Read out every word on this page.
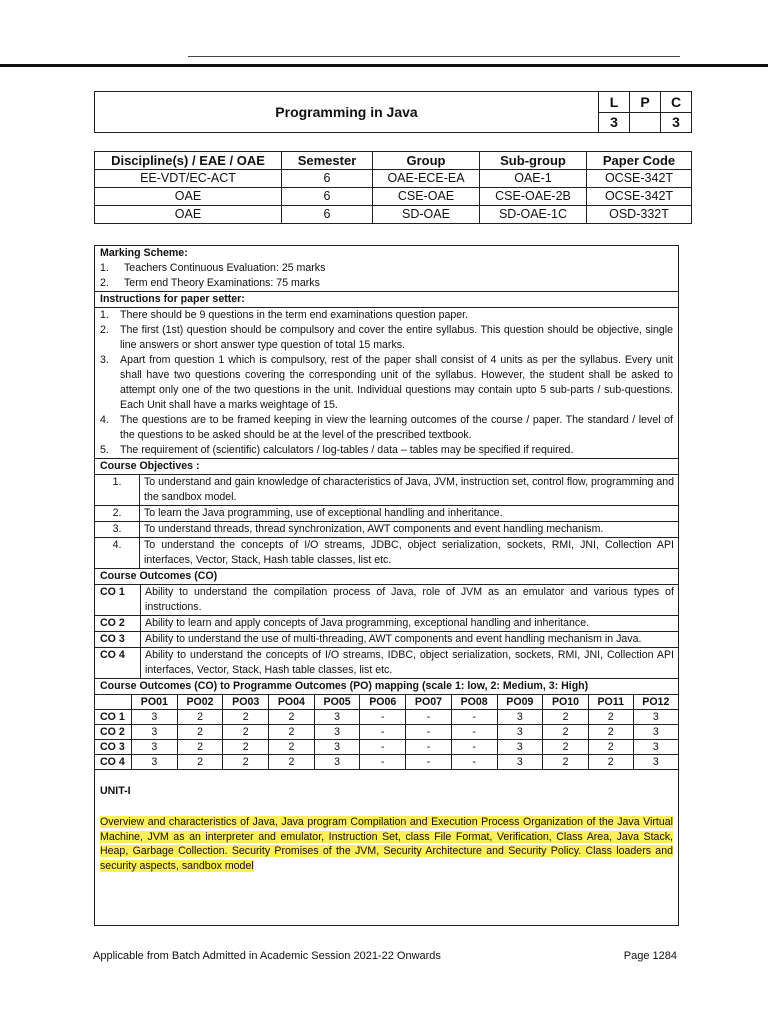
Programming in Java	L	P	C
	3		3
Discipline(s) / EAE / OAE	Semester	Group	Sub-group	Paper Code
EE-VDT/EC-ACT	6	OAE-ECE-EA	OAE-1	OCSE-342T
OAE	6	CSE-OAE	CSE-OAE-2B	OCSE-342T
OAE	6	SD-OAE	SD-OAE-1C	OSD-332T
Marking Scheme:
1.	Teachers Continuous Evaluation: 25 marks
2.	Term end Theory Examinations: 75 marks
Instructions for paper setter:
1.	There should be 9 questions in the term end examinations question paper.
2.	The first (1st) question should be compulsory and cover the entire syllabus. This question should be objective, single line answers or short answer type question of total 15 marks.
3.	Apart from question 1 which is compulsory, rest of the paper shall consist of 4 units as per the syllabus. Every unit shall have two questions covering the corresponding unit of the syllabus. However, the student shall be asked to attempt only one of the two questions in the unit. Individual questions may contain upto 5 sub-parts / sub-questions. Each Unit shall have a marks weightage of 15.
4.	The questions are to be framed keeping in view the learning outcomes of the course / paper. The standard / level of the questions to be asked should be at the level of the prescribed textbook.
5.	The requirement of (scientific) calculators / log-tables / data – tables may be specified if required.
Course Objectives :
1.	To understand and gain knowledge of characteristics of Java, JVM, instruction set, control flow, programming and the sandbox model.
2.	To learn the Java programming, use of exceptional handling and inheritance.
3.	To understand threads, thread synchronization, AWT components and event handling mechanism.
4.	To understand the concepts of I/O streams, JDBC, object serialization, sockets, RMI, JNI, Collection API interfaces, Vector, Stack, Hash table classes, list etc.
Course Outcomes (CO)
CO 1	Ability to understand the compilation process of Java, role of JVM as an emulator and various types of instructions.
CO 2	Ability to learn and apply concepts of Java programming, exceptional handling and inheritance.
CO 3	Ability to understand the use of multi-threading, AWT components and event handling mechanism in Java.
CO 4	Ability to understand the concepts of I/O streams, IDBC, object serialization, sockets, RMI, JNI, Collection API interfaces, Vector, Stack, Hash table classes, list etc.
Course Outcomes (CO) to Programme Outcomes (PO) mapping (scale 1: low, 2: Medium, 3: High)
	PO01	PO02	PO03	PO04	PO05	PO06	PO07	PO08	PO09	PO10	PO11	PO12
CO 1	3	2	2	2	3	-	-	-	3	2	2	3
CO 2	3	2	2	2	3	-	-	-	3	2	2	3
CO 3	3	2	2	2	3	-	-	-	3	2	2	3
CO 4	3	2	2	2	3	-	-	-	3	2	2	3
UNIT-I
Overview and characteristics of Java, Java program Compilation and Execution Process Organization of the Java Virtual Machine, JVM as an interpreter and emulator, Instruction Set, class File Format, Verification, Class Area, Java Stack, Heap, Garbage Collection. Security Promises of the JVM, Security Architecture and Security Policy. Class loaders and security aspects, sandbox model
Applicable from Batch Admitted in Academic Session 2021-22 Onwards	Page 1284
